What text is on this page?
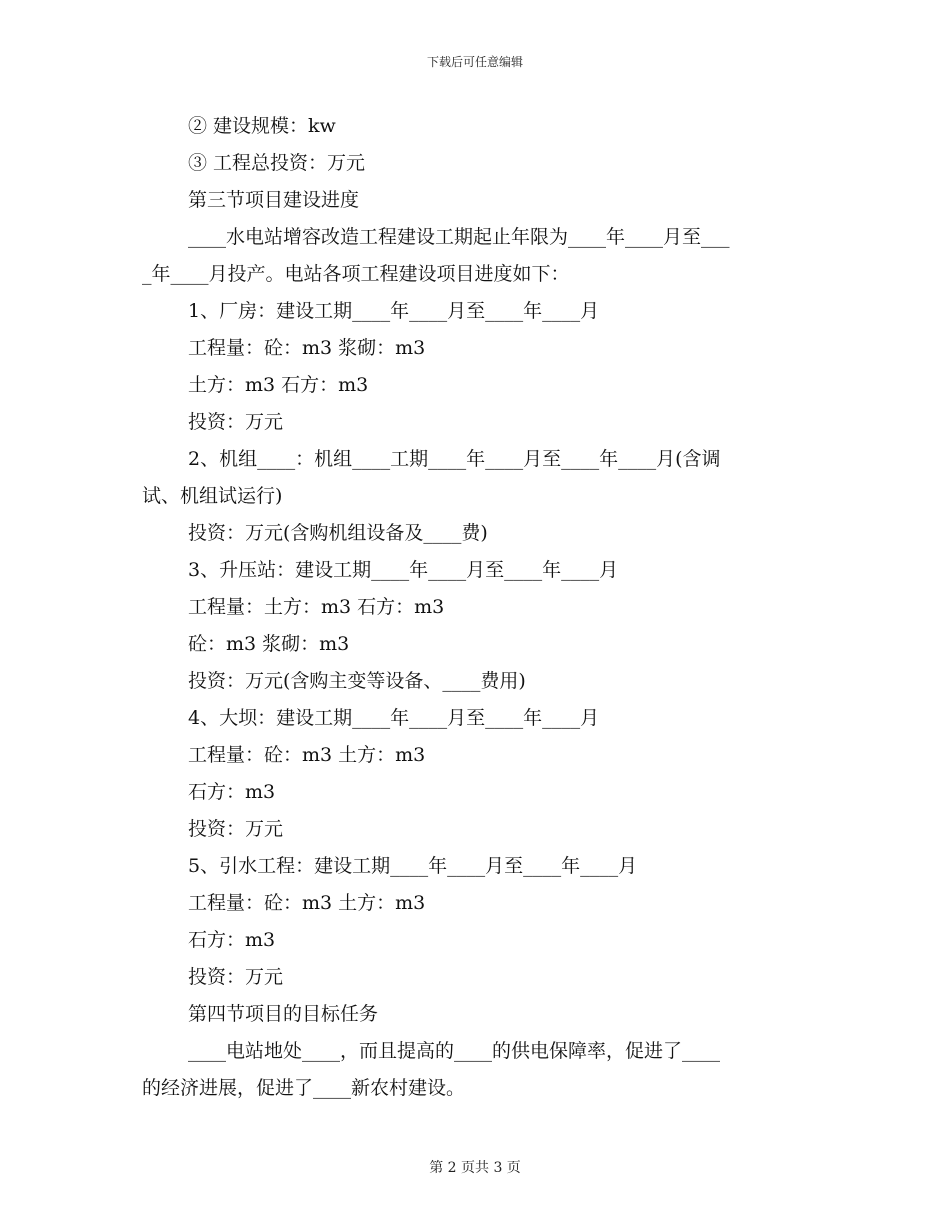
下载后可任意编辑
② 建设规模：kw
③ 工程总投资：万元
第三节项目建设进度
____水电站增容改造工程建设工期起止年限为____年____月至___
_年____月投产。电站各项工程建设项目进度如下：
1、厂房：建设工期____年____月至____年____月
工程量：砼：m3 浆砌：m3
土方：m3 石方：m3
投资：万元
2、机组____：机组____工期____年____月至____年____月(含调
试、机组试运行)
投资：万元(含购机组设备及____费)
3、升压站：建设工期____年____月至____年____月
工程量：土方：m3 石方：m3
砼：m3 浆砌：m3
投资：万元(含购主变等设备、____费用)
4、大坝：建设工期____年____月至____年____月
工程量：砼：m3 土方：m3
石方：m3
投资：万元
5、引水工程：建设工期____年____月至____年____月
工程量：砼：m3 土方：m3
石方：m3
投资：万元
第四节项目的目标任务
____电站地处____，而且提高的____的供电保障率，促进了____
的经济进展，促进了____新农村建设。
第 2 页共 3 页
